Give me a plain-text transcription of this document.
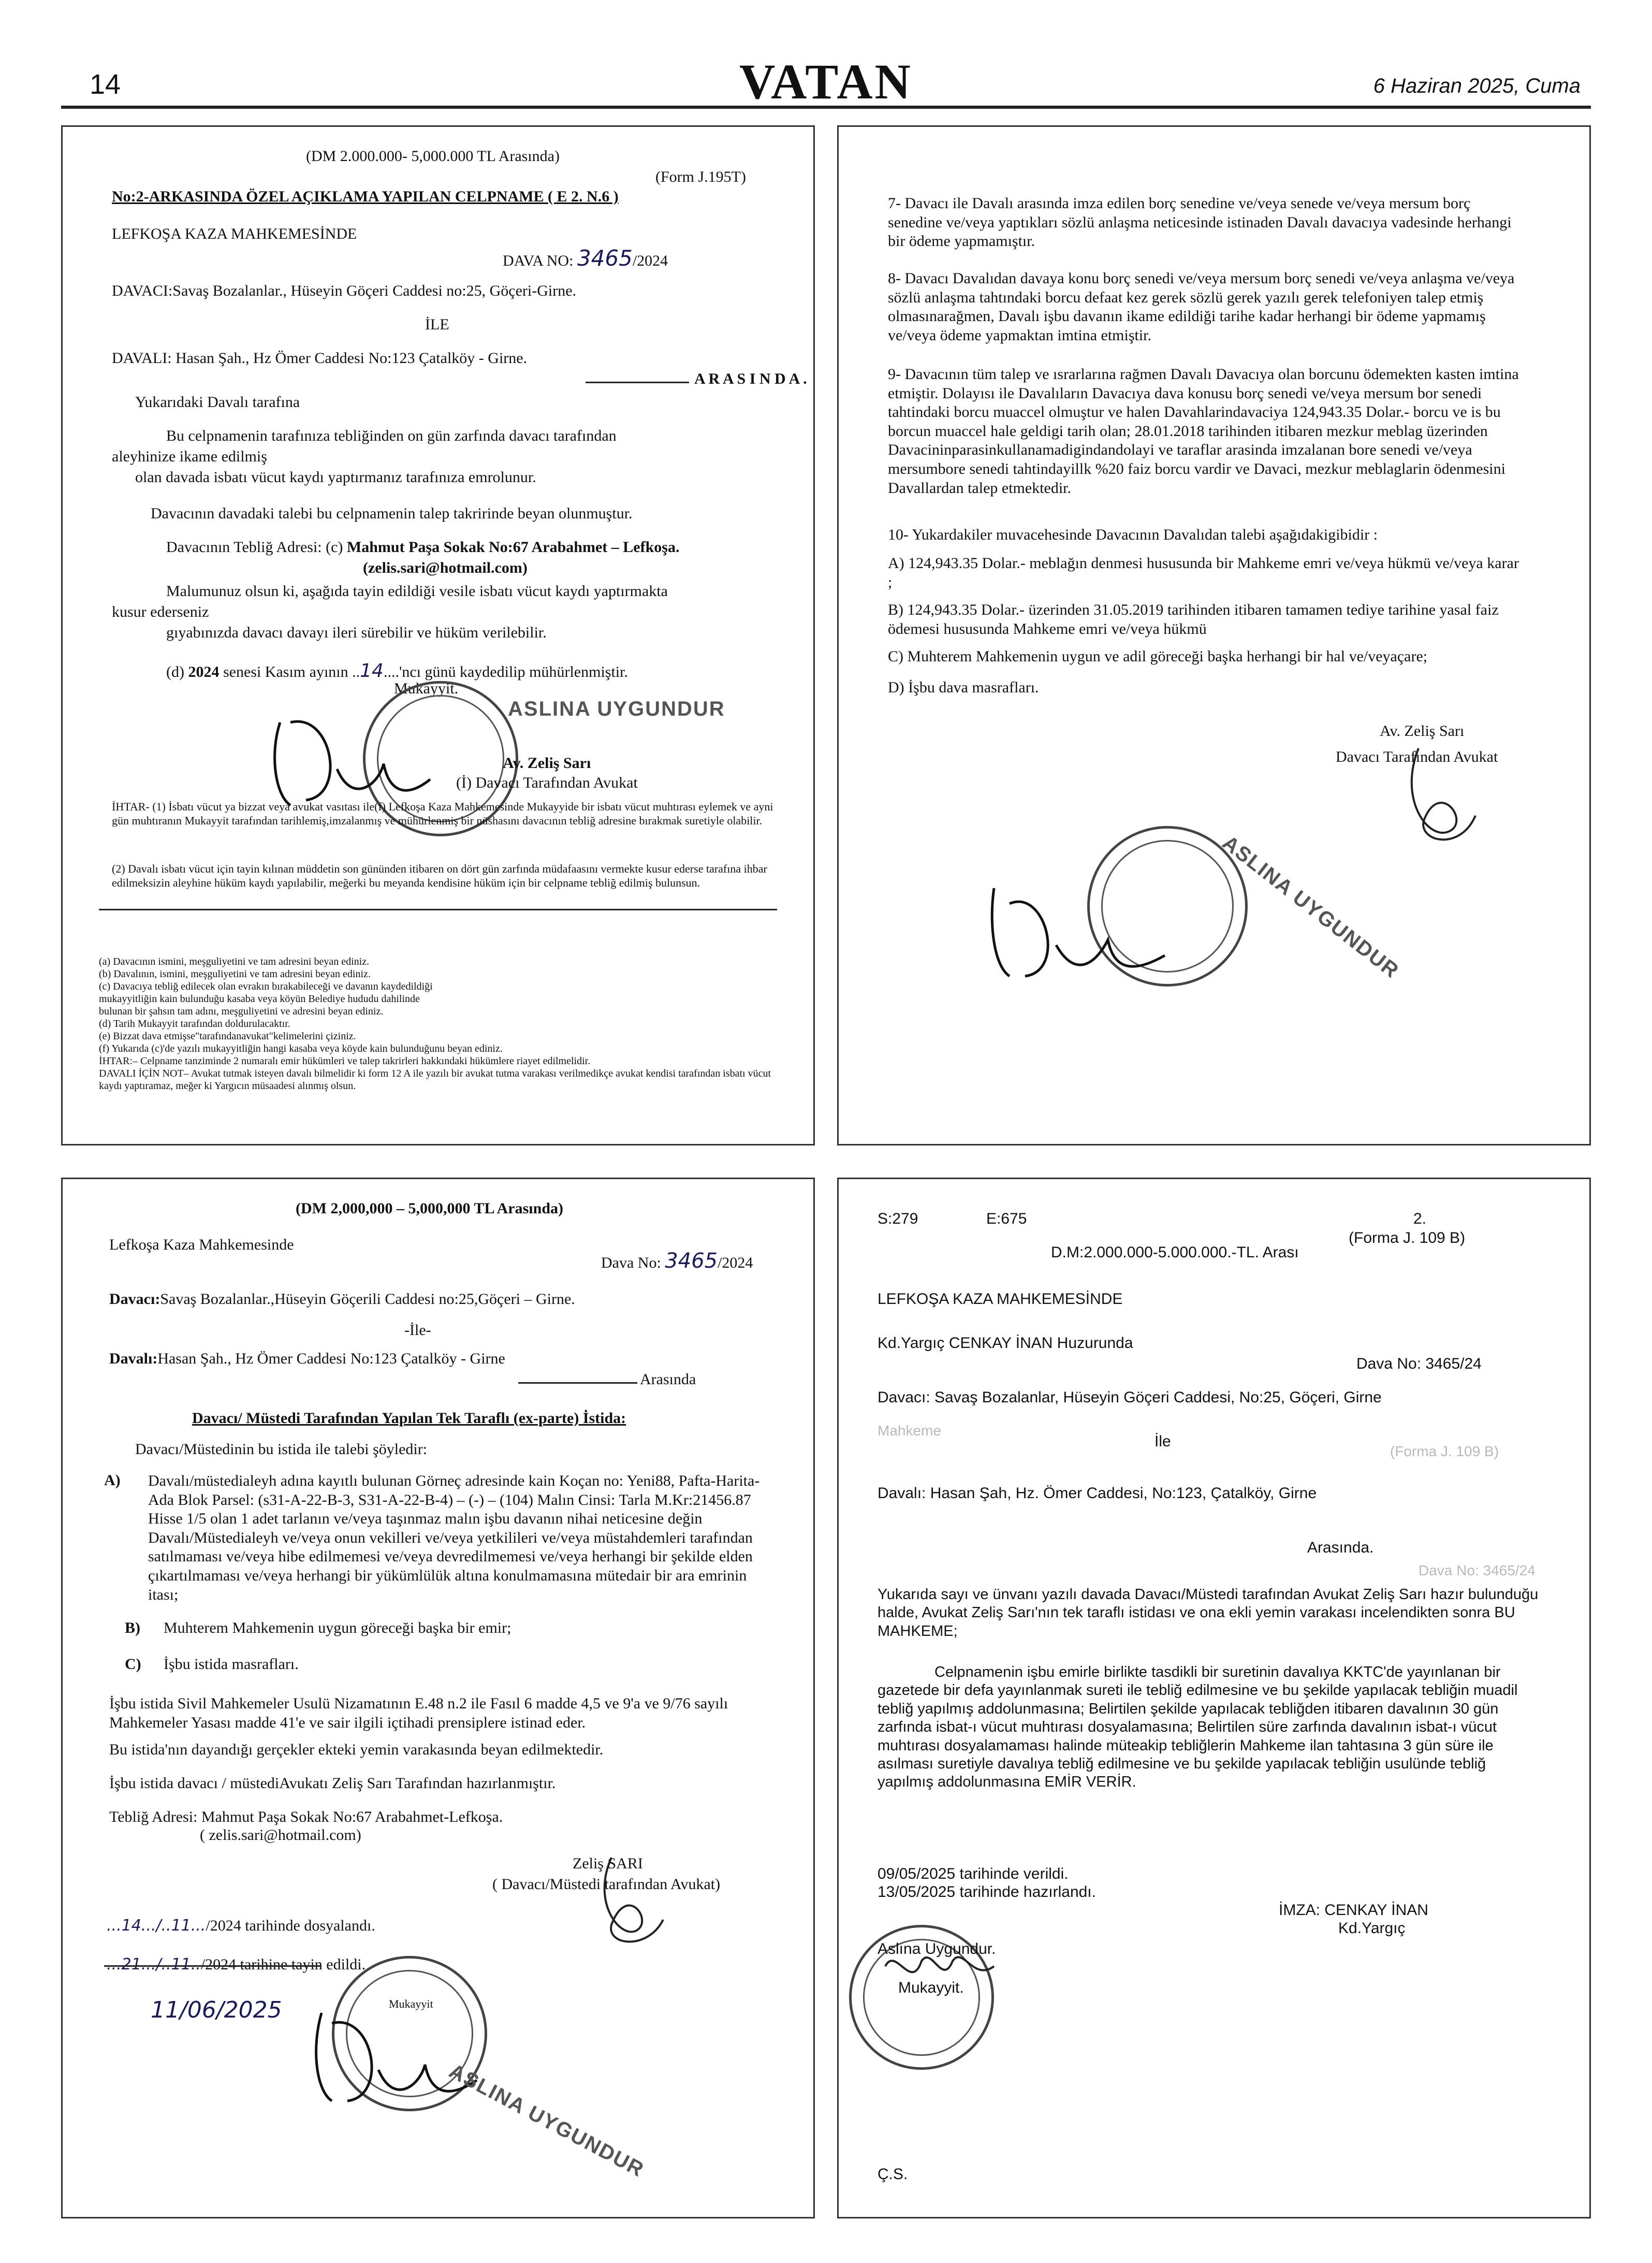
14	VATAN	6 Haziran 2025, Cuma
(DM 2.000.000- 5,000.000 TL Arasında)
(Form J.195T)
No:2-ARKASINDA ÖZEL AÇIKLAMA YAPILAN CELPNAME ( E 2. N.6 )
LEFKOŞA KAZA MAHKEMESİNDE
DAVA NO: 3465/2024
DAVACI:Savaş Bozalanlar., Hüseyin Göçeri Caddesi no:25, Göçeri-Girne.
İLE
DAVALI: Hasan Şah., Hz Ömer Caddesi No:123 Çatalköy - Girne.
A R A S I N D A .
Yukarıdaki Davalı tarafına
Bu celpnamenin tarafınıza tebliğinden on gün zarfında davacı tarafından
aleyhinize ikame edilmiş
olan davada isbatı vücut kaydı yaptırmanız tarafınıza emrolunur.
Davacının davadaki talebi bu celpnamenin talep takririnde beyan olunmuştur.
Davacının Tebliğ Adresi: (c) Mahmut Paşa Sokak No:67 Arabahmet – Lefkoşa.
(zelis.sari@hotmail.com)
Malumunuz olsun ki, aşağıda tayin edildiği vesile isbatı vücut kaydı yaptırmakta
kusur ederseniz
gıyabınızda davacı davayı ileri sürebilir ve hüküm verilebilir.
(d) 2024 senesi Kasım ayının ..14....'ncı günü kaydedilip mühürlenmiştir.
Mukayyit.
ASLINA UYGUNDUR
Av. Zeliş Sarı
(İ) Davacı Tarafından Avukat
İHTAR- (1) İsbatı vücut ya bizzat veya avukat vasıtası ile(f) Lefkoşa Kaza Mahkemesinde Mukayyide bir isbatı vücut muhtırası eylemek ve ayni gün muhtıranın Mukayyit tarafından tarihlemiş,imzalanmış ve mühürlenmiş bir nüshasını davacının tebliğ adresine bırakmak suretiyle olabilir.
(2) Davalı isbatı vücut için tayin kılınan müddetin son gününden itibaren on dört gün zarfında müdafaasını vermekte kusur ederse tarafına ihbar edilmeksizin aleyhine hüküm kaydı yapılabilir, meğerki bu meyanda kendisine hüküm için bir celpname tebliğ edilmiş bulunsun.
(a) Davacının ismini, meşguliyetini ve tam adresini beyan ediniz.
(b) Davalının, ismini, meşguliyetini ve tam adresini beyan ediniz.
(c) Davacıya tebliğ edilecek olan evrakın bırakabileceği ve davanın kaydedildiği
mukayyitliğin kain bulunduğu kasaba veya köyün Belediye hududu dahilinde
bulunan bir şahsın tam adını, meşguliyetini ve adresini beyan ediniz.
(d) Tarih Mukayyit tarafından doldurulacaktır.
(e) Bizzat dava etmişse"tarafındanavukat"kelimelerini çiziniz.
(f) Yukarıda (c)'de yazılı mukayyitliğin hangi kasaba veya köyde kain bulunduğunu beyan ediniz.
İHTAR:– Celpname tanziminde 2 numaralı emir hükümleri ve talep takrirleri hakkındaki hükümlere riayet edilmelidir.
DAVALI İÇİN NOT– Avukat tutmak isteyen davalı bilmelidir ki form 12 A ile yazılı bir avukat tutma varakası verilmedikçe avukat kendisi tarafından isbatı vücut kaydı yaptıramaz, meğer ki Yargıcın müsaadesi alınmış olsun.
7- Davacı ile Davalı arasında imza edilen borç senedine ve/veya senede ve/veya mersum borç senedine ve/veya yaptıkları sözlü anlaşma neticesinde istinaden Davalı davacıya vadesinde herhangi bir ödeme yapmamıştır.
8- Davacı Davalıdan davaya konu borç senedi ve/veya mersum borç senedi ve/veya anlaşma ve/veya sözlü anlaşma tahtındaki borcu defaat kez gerek sözlü gerek yazılı gerek telefoniyen talep etmiş olmasınarağmen, Davalı işbu davanın ikame edildiği tarihe kadar herhangi bir ödeme yapmamış ve/veya ödeme yapmaktan imtina etmiştir.
9- Davacının tüm talep ve ısrarlarına rağmen Davalı Davacıya olan borcunu ödemekten kasten imtina etmiştir. Dolayısı ile Davalıların Davacıya dava konusu borç senedi ve/veya mersum bor senedi tahtindaki borcu muaccel olmuştur ve halen Davahlarindavaciya 124,943.35 Dolar.- borcu ve is bu borcun muaccel hale geldigi tarih olan; 28.01.2018 tarihinden itibaren mezkur meblag üzerinden Davacininparasinkullanamadigindandolayi ve taraflar arasinda imzalanan bore senedi ve/veya mersumbore senedi tahtindayillk %20 faiz borcu vardir ve Davaci, mezkur meblaglarin ödenmesini Davallardan talep etmektedir.
10- Yukardakiler muvacehesinde Davacının Davalıdan talebi aşağıdakigibidir :
A) 124,943.35 Dolar.- meblağın denmesi hususunda bir Mahkeme emri ve/veya hükmü ve/veya karar ;
B) 124,943.35 Dolar.- üzerinden 31.05.2019 tarihinden itibaren tamamen tediye tarihine yasal faiz ödemesi hususunda Mahkeme emri ve/veya hükmü
C) Muhterem Mahkemenin uygun ve adil göreceği başka herhangi bir hal ve/veyaçare;
D) İşbu dava masrafları.
Av. Zeliş Sarı
Davacı Tarafından Avukat
ASLINA UYGUNDUR
(DM 2,000,000 – 5,000,000 TL Arasında)
Lefkoşa Kaza Mahkemesinde
Dava No: 3465/2024
Davacı:Savaş Bozalanlar.,Hüseyin Göçerili Caddesi no:25,Göçeri – Girne.
-İle-
Davalı:Hasan Şah., Hz Ömer Caddesi No:123 Çatalköy - Girne
Arasında
Davacı/ Müstedi Tarafından Yapılan Tek Taraflı (ex-parte) İstida:
Davacı/Müstedinin bu istida ile talebi şöyledir:
A) Davalı/müstedialeyh adına kayıtlı bulunan Görneç adresinde kain Koçan no: Yeni88, Pafta-Harita-Ada Blok Parsel: (s31-A-22-B-3, S31-A-22-B-4) – (-) – (104) Malın Cinsi: Tarla M.Kr:21456.87 Hisse 1/5 olan 1 adet tarlanın ve/veya taşınmaz malın işbu davanın nihai neticesine değin Davalı/Müstedialeyh ve/veya onun vekilleri ve/veya yetkilileri ve/veya müstahdemleri tarafından satılmaması ve/veya hibe edilmemesi ve/veya devredilmemesi ve/veya herhangi bir şekilde elden çıkartılmaması ve/veya herhangi bir yükümlülük altına konulmamasına mütedair bir ara emrinin itası;
B) Muhterem Mahkemenin uygun göreceği başka bir emir;
C) İşbu istida masrafları.
İşbu istida Sivil Mahkemeler Usulü Nizamatının E.48 n.2 ile Fasıl 6 madde 4,5 ve 9'a ve 9/76 sayılı Mahkemeler Yasası madde 41'e ve sair ilgili içtihadi prensiplere istinad eder.
Bu istida'nın dayandığı gerçekler ekteki yemin varakasında beyan edilmektedir.
İşbu istida davacı / müstediAvukatı Zeliş Sarı Tarafından hazırlanmıştır.
Tebliğ Adresi: Mahmut Paşa Sokak No:67 Arabahmet-Lefkoşa.
( zelis.sari@hotmail.com)
Zeliş SARI
( Davacı/Müstedi tarafından Avukat)
...14.../..11.../2024 tarihinde dosyalandı.
...21.../..11../2024 tarihine tayin edildi.
11/06/2025	Mukayyit
ASLINA UYGUNDUR
S:279	E:675	2.
(Forma J. 109 B)
D.M:2.000.000-5.000.000.-TL. Arası
LEFKOŞA KAZA MAHKEMESİNDE
Kd.Yargıç CENKAY İNAN Huzurunda
Dava No: 3465/24
Davacı: Savaş Bozalanlar, Hüseyin Göçeri Caddesi, No:25, Göçeri, Girne
Mahkeme
İle
(Forma J. 109 B)
Davalı: Hasan Şah, Hz. Ömer Caddesi, No:123, Çatalköy, Girne
Arasında.
Dava No: 3465/24
Yukarıda sayı ve ünvanı yazılı davada Davacı/Müstedi tarafından Avukat Zeliş Sarı hazır bulunduğu halde, Avukat Zeliş Sarı'nın tek taraflı istidası ve ona ekli yemin varakası incelendikten sonra BU MAHKEME;
Celpnamenin işbu emirle birlikte tasdikli bir suretinin davalıya KKTC'de yayınlanan bir gazetede bir defa yayınlanmak sureti ile tebliğ edilmesine ve bu şekilde yapılacak tebliğin muadil tebliğ yapılmış addolunmasına; Belirtilen şekilde yapılacak tebliğden itibaren davalının 30 gün zarfında isbat-ı vücut muhtırası dosyalamasına; Belirtilen süre zarfında davalının isbat-ı vücut muhtırası dosyalamaması halinde müteakip tebliğlerin Mahkeme ilan tahtasına 3 gün süre ile asılması suretiyle davalıya tebliğ edilmesine ve bu şekilde yapılacak tebliğin usulünde tebliğ yapılmış addolunmasına EMİR VERİR.
09/05/2025 tarihinde verildi.
13/05/2025 tarihinde hazırlandı.
İMZA: CENKAY İNAN
Kd.Yargıç
Aslına Uygundur.
Mukayyit.
Ç.S.
